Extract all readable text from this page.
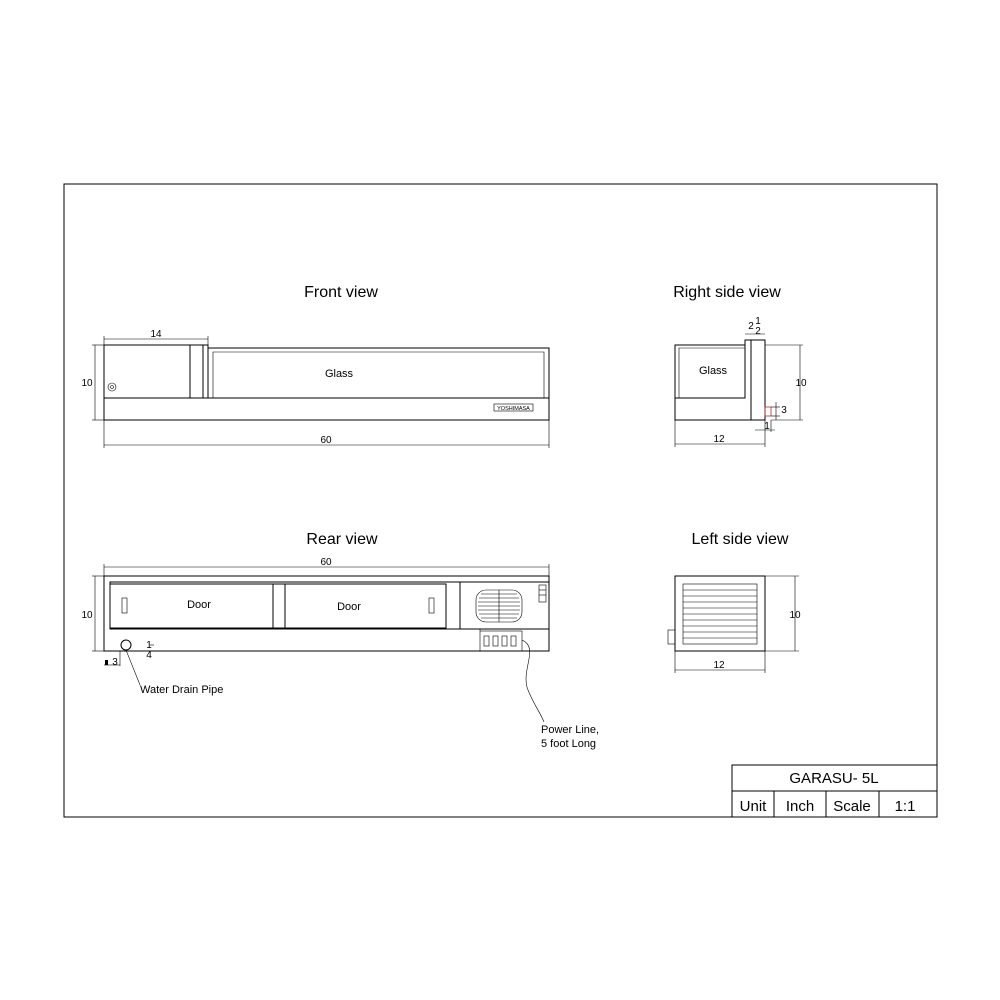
Front view
Glass
YOSHIMASA
14
10
60
Right side view
Glass
2 1
2
10
3
1
12
Rear view
Door	Door
Power Line,
5 foot Long
Water Drain Pipe
3
1
4
60
10
Left side view
10
12
GARASU- 5L
Unit Inch Scale 1:1
